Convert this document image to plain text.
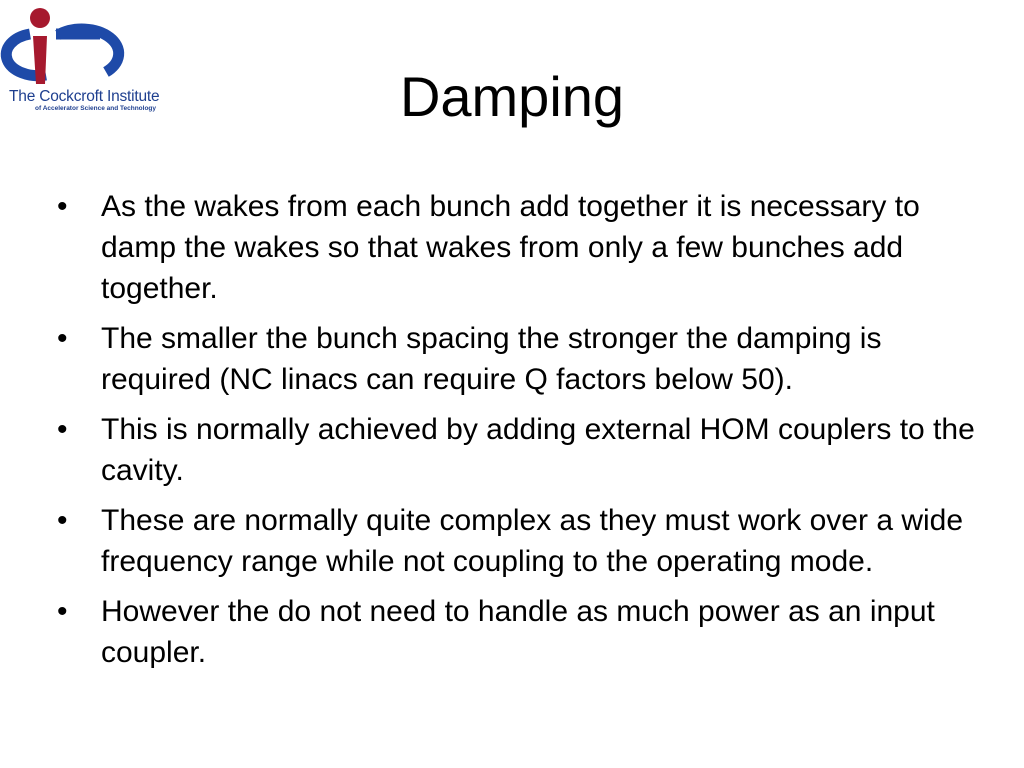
The Cockcroft Institute
of Accelerator Science and Technology	Damping
•	As the wakes from each bunch add together it is necessary to damp the wakes so that wakes from only a few bunches add together.
•	The smaller the bunch spacing the stronger the damping is required (NC linacs can require Q factors below 50).
•	This is normally achieved by adding external HOM couplers to the cavity.
•	These are normally quite complex as they must work over a wide frequency range while not coupling to the operating mode.
•	However the do not need to handle as much power as an input coupler.
